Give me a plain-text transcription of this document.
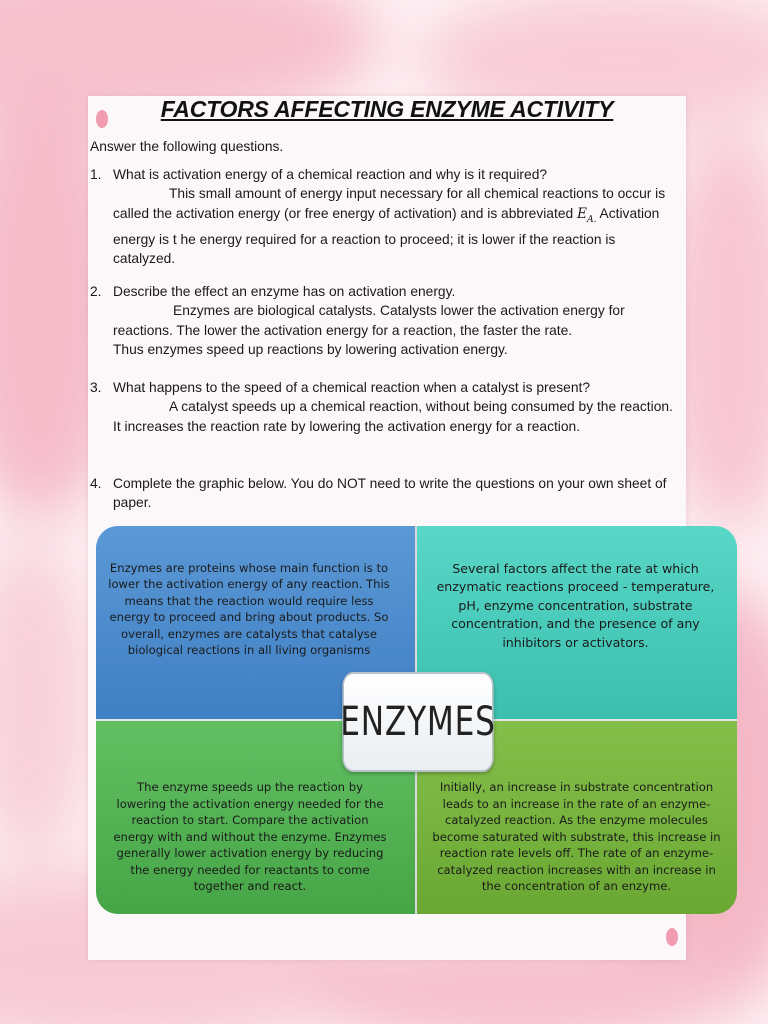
FACTORS AFFECTING ENZYME ACTIVITY
Answer the following questions.
1. What is activation energy of a chemical reaction and why is it required?
This small amount of energy input necessary for all chemical reactions to occur is called the activation energy (or free energy of activation) and is abbreviated $E_{A.}$ Activation energy is t he energy required for a reaction to proceed; it is lower if the reaction is catalyzed.
2. Describe the effect an enzyme has on activation energy.
Enzymes are biological catalysts. Catalysts lower the activation energy for reactions. The lower the activation energy for a reaction, the faster the rate.
Thus enzymes speed up reactions by lowering activation energy.
3. What happens to the speed of a chemical reaction when a catalyst is present?
A catalyst speeds up a chemical reaction, without being consumed by the reaction. It increases the reaction rate by lowering the activation energy for a reaction.
4. Complete the graphic below. You do NOT need to write the questions on your own sheet of paper.
Enzymes are proteins whose main function is to lower the activation energy of any reaction. This means that the reaction would require less energy to proceed and bring about products. So overall, enzymes are catalysts that catalyse biological reactions in all living organisms
Several factors affect the rate at which enzymatic reactions proceed - temperature, pH, enzyme concentration, substrate concentration, and the presence of any inhibitors or activators.
The enzyme speeds up the reaction by lowering the activation energy needed for the reaction to start. Compare the activation energy with and without the enzyme. Enzymes generally lower activation energy by reducing the energy needed for reactants to come together and react.
Initially, an increase in substrate concentration leads to an increase in the rate of an enzyme-catalyzed reaction. As the enzyme molecules become saturated with substrate, this increase in reaction rate levels off. The rate of an enzyme-catalyzed reaction increases with an increase in the concentration of an enzyme.
ENZYMES
